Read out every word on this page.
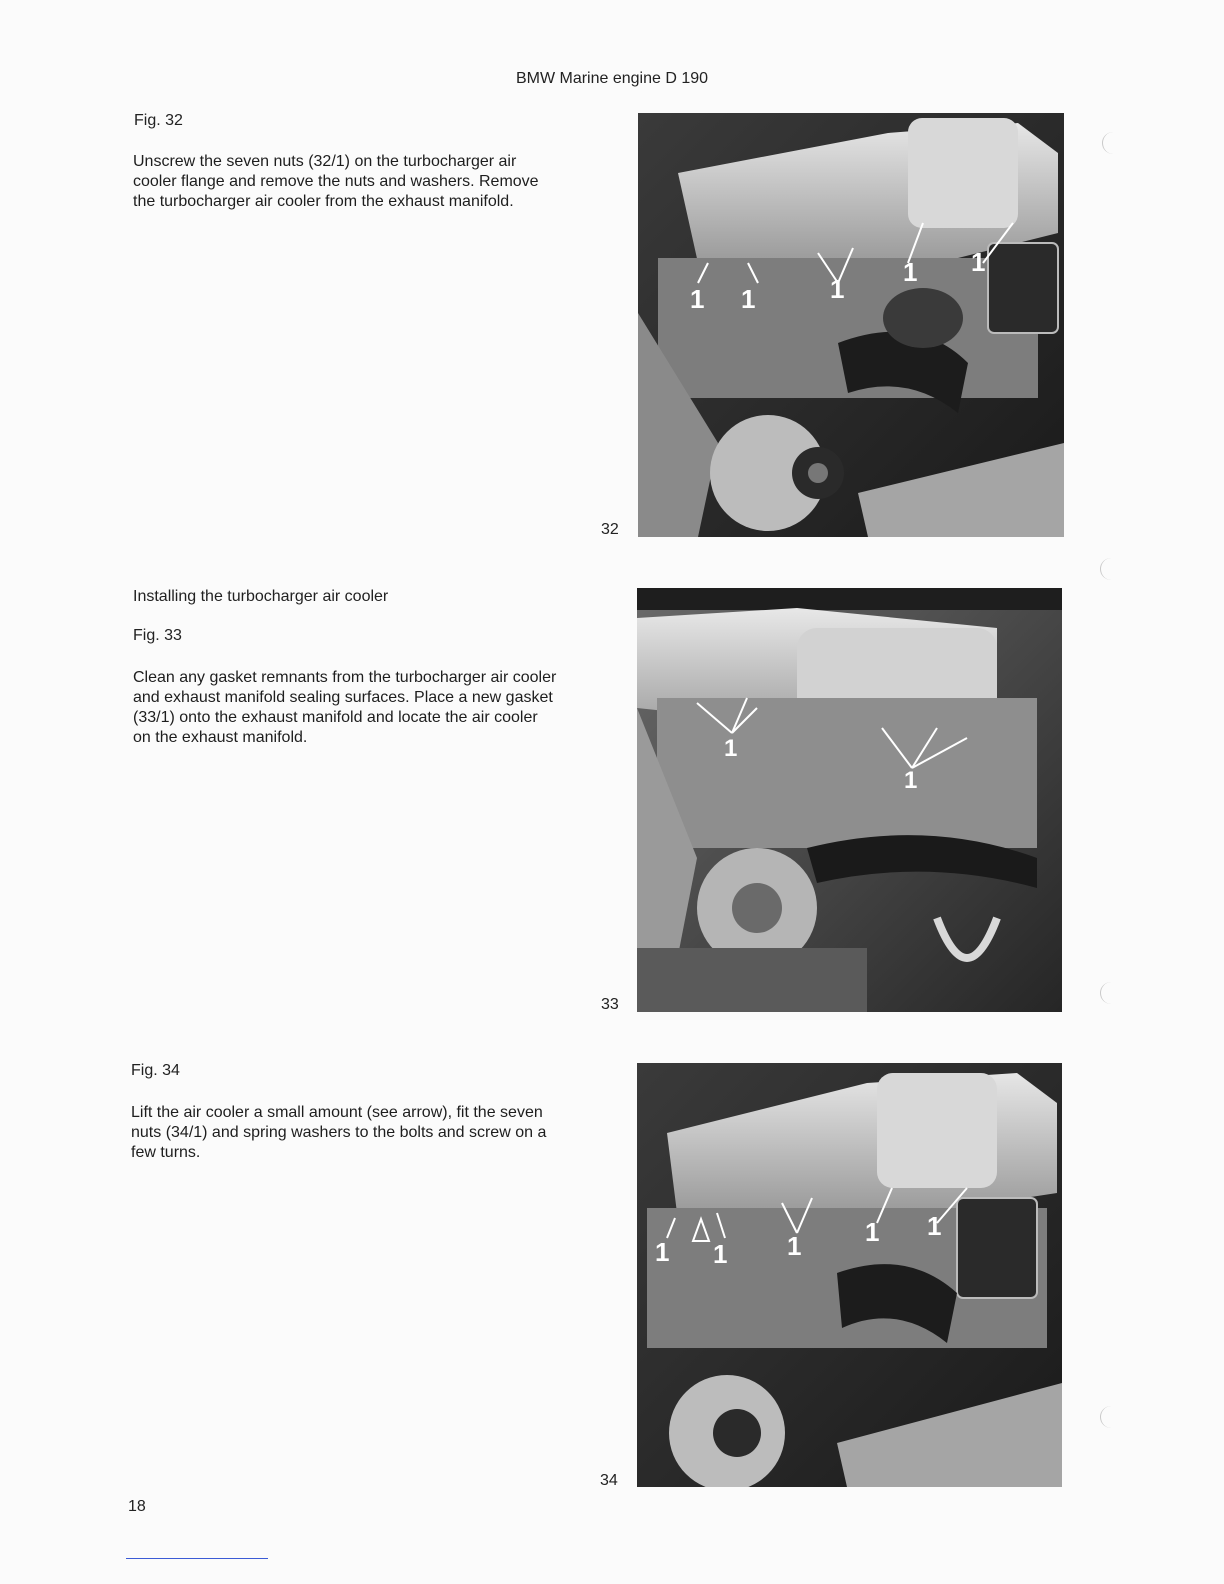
BMW Marine engine D 190
Fig. 32
Unscrew the seven nuts (32/1) on the turbocharger air cooler flange and remove the nuts and washers. Remove the turbocharger air cooler from the exhaust manifold.
1 1	1
1 1
32
Installing the turbocharger air cooler
Fig. 33
Clean any gasket remnants from the turbocharger air cooler and exhaust manifold sealing surfaces. Place a new gasket (33/1) onto the exhaust manifold and locate the air cooler on the exhaust manifold.	1
1
33
Fig. 34
Lift the air cooler a small amount (see arrow), fit the seven nuts (34/1) and spring washers to the bolts and screw on a few turns.
1 1 1 1 1
34
18
